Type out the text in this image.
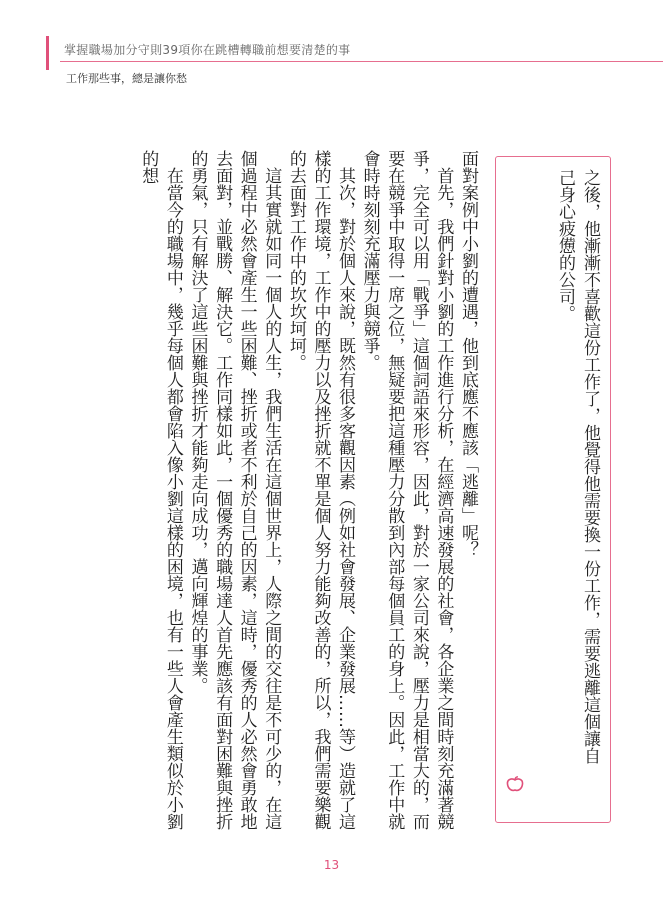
掌握職場加分守則39項你在跳槽轉職前想要清楚的事
工作那些事，總是讓你愁
之後，他漸漸不喜歡這份工作了，他覺得他需要換一份工作，需要逃離這個讓自己身心疲憊的公司。

面對案例中小劉的遭遇，他到底應不應該「逃離」呢？

首先，我們針對小劉的工作進行分析，在經濟高速發展的社會，各企業之間時刻充滿著競爭，完全可以用「戰爭」這個詞語來形容，因此，對於一家公司來說，壓力是相當大的，而要在競爭中取得一席之位，無疑要把這種壓力分散到內部每個員工的身上。因此，工作中就會時時刻刻充滿壓力與競爭。

其次，對於個人來說，既然有很多客觀因素（例如社會發展、企業發展……等）造就了這樣的工作環境，工作中的壓力以及挫折就不單是個人努力能夠改善的，所以，我們需要樂觀的去面對工作中的坎坎坷坷。

這其實就如同一個人的人生，我們生活在這個世界上，人際之間的交往是不可少的，在這個過程中必然會產生一些困難、挫折或者不利於自己的因素，這時，優秀的人必然會勇敢地去面對，並戰勝、解決它。工作同樣如此，一個優秀的職場達人首先應該有面對困難與挫折的勇氣，只有解決了這些困難與挫折才能夠走向成功，邁向輝煌的事業。

在當今的職場中，幾乎每個人都會陷入像小劉這樣的困境，也有一些人會產生類似於小劉的想

13
